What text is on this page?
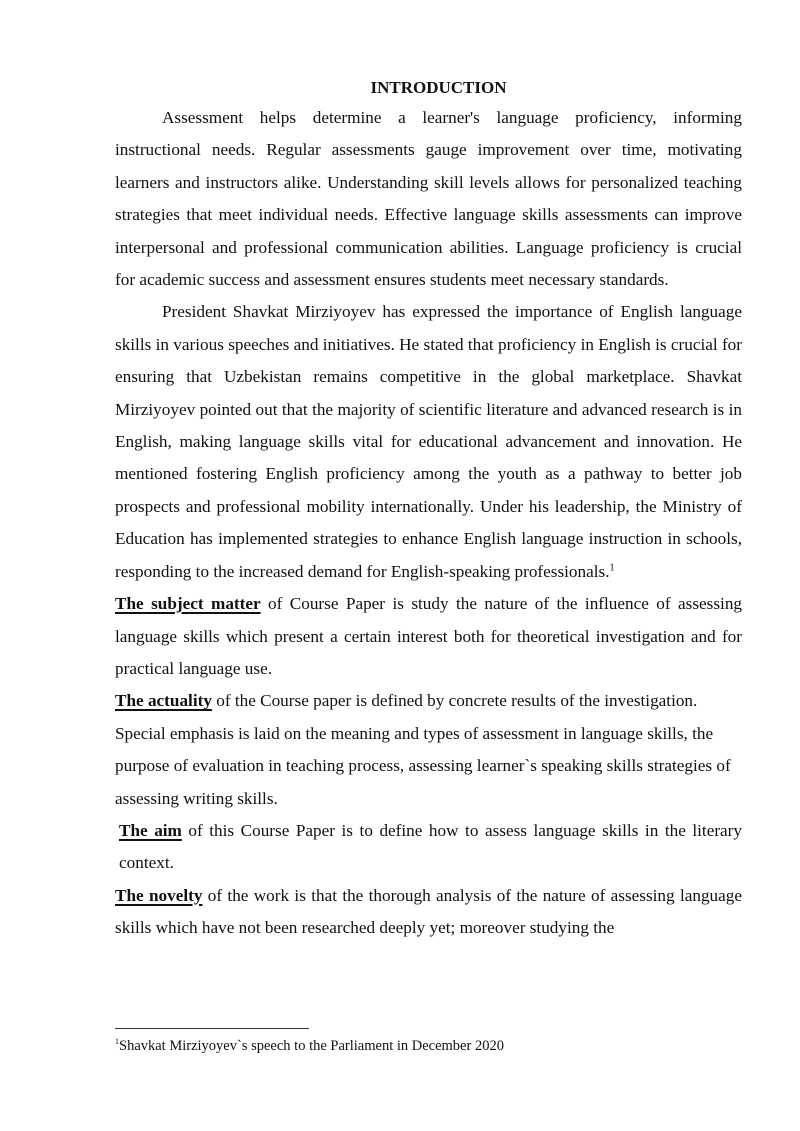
INTRODUCTION

Assessment helps determine a learner's language proficiency, informing instructional needs. Regular assessments gauge improvement over time, motivating learners and instructors alike. Understanding skill levels allows for personalized teaching strategies that meet individual needs. Effective language skills assessments can improve interpersonal and professional communication abilities. Language proficiency is crucial for academic success and assessment ensures students meet necessary standards.

President Shavkat Mirziyoyev has expressed the importance of English language skills in various speeches and initiatives. He stated that proficiency in English is crucial for ensuring that Uzbekistan remains competitive in the global marketplace. Shavkat Mirziyoyev pointed out that the majority of scientific literature and advanced research is in English, making language skills vital for educational advancement and innovation. He mentioned fostering English proficiency among the youth as a pathway to better job prospects and professional mobility internationally. Under his leadership, the Ministry of Education has implemented strategies to enhance English language instruction in schools, responding to the increased demand for English-speaking professionals.$^1$

The subject matter of Course Paper is study the nature of the influence of assessing language skills which present a certain interest both for theoretical investigation and for practical language use.

The actuality of the Course paper is defined by concrete results of the investigation. Special emphasis is laid on the meaning and types of assessment in language skills, the purpose of evaluation in teaching process, assessing learner`s speaking skills strategies of assessing writing skills.

The aim of this Course Paper is to define how to assess language skills in the literary context.

The novelty of the work is that the thorough analysis of the nature of assessing language skills which have not been researched deeply yet; moreover studying the

$^1$Shavkat Mirziyoyev`s speech to the Parliament in December 2020
